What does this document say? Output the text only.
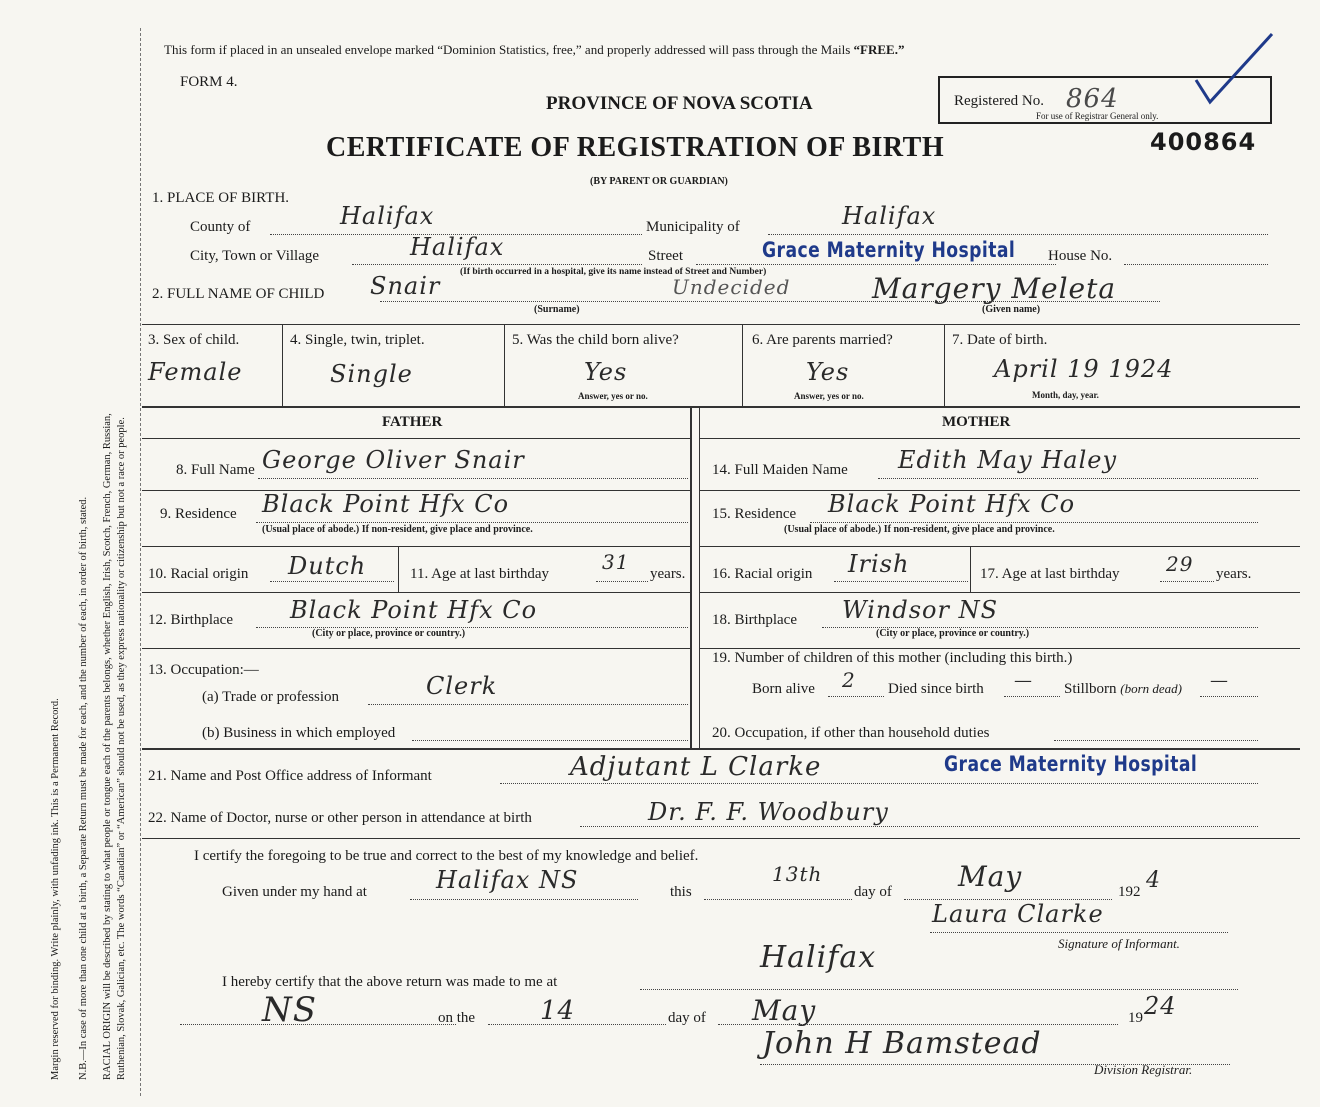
Margin reserved for binding. Write plainly, with unfading ink. This is a Permanent Record. N.B.—In case of more than one child at a birth, a Separate Return must be made for each, and the number of each, in order of birth, stated. RACIAL ORIGIN will be described by stating to what people or tongue each of the parents belongs, whether English, Irish, Scotch, French, German, Russian, Ruthenian, Slovak, Galician, etc. The words “Canadian” or “American” should not be used, as they express nationality or citizenship but not a race or people.
This form if placed in an unsealed envelope marked “Dominion Statistics, free,” and properly addressed will pass through the Mails “FREE.”
FORM 4.
PROVINCE OF NOVA SCOTIA
CERTIFICATE OF REGISTRATION OF BIRTH
(BY PARENT OR GUARDIAN)
Registered No. 864
For use of Registrar General only.
400864
1. PLACE OF BIRTH.
County of	Halifax	Municipality of	Halifax
City, Town or Village	Halifax	Street	Grace Maternity Hospital House No.
(If birth occurred in a hospital, give its name instead of Street and Number)
2. FULL NAME OF CHILD Snair	Undecided	Margery Meleta
(Surname)	(Given name)
3. Sex of child.
Female
4. Single, twin, triplet.
Single
5. Was the child born alive?
Yes
Answer, yes or no.
6. Are parents married?
Yes
Answer, yes or no.
7. Date of birth.
April 19 1924
Month, day, year.
FATHER	MOTHER
8. Full Name George Oliver Snair
9. Residence Black Point Hfx Co
(Usual place of abode.) If non-resident, give place and province.
10. Racial origin Dutch	11. Age at last birthday	31 years.
12. Birthplace Black Point Hfx Co
(City or place, province or country.)
13. Occupation:—
(a) Trade or profession	Clerk
(b) Business in which employed
14. Full Maiden Name Edith May Haley
15. Residence Black Point Hfx Co
(Usual place of abode.) If non-resident, give place and province.
16. Racial origin Irish	17. Age at last birthday 29 years.
18. Birthplace Windsor NS
(City or place, province or country.)
19. Number of children of this mother (including this birth.)
Born alive 2 Died since birth — Stillborn (born dead) —
20. Occupation, if other than household duties
21. Name and Post Office address of Informant	Adjutant L Clarke	Grace Maternity Hospital
22. Name of Doctor, nurse or other person in attendance at birth	Dr. F. F. Woodbury
I certify the foregoing to be true and correct to the best of my knowledge and belief.
Given under my hand at	Halifax NS	this
13th
day of May	192 4
Laura Clarke
Signature of Informant.
I hereby certify that the above return was made to me at
Halifax
NS	on the 14	day of May	19 24
John H Bamstead
Division Registrar.
